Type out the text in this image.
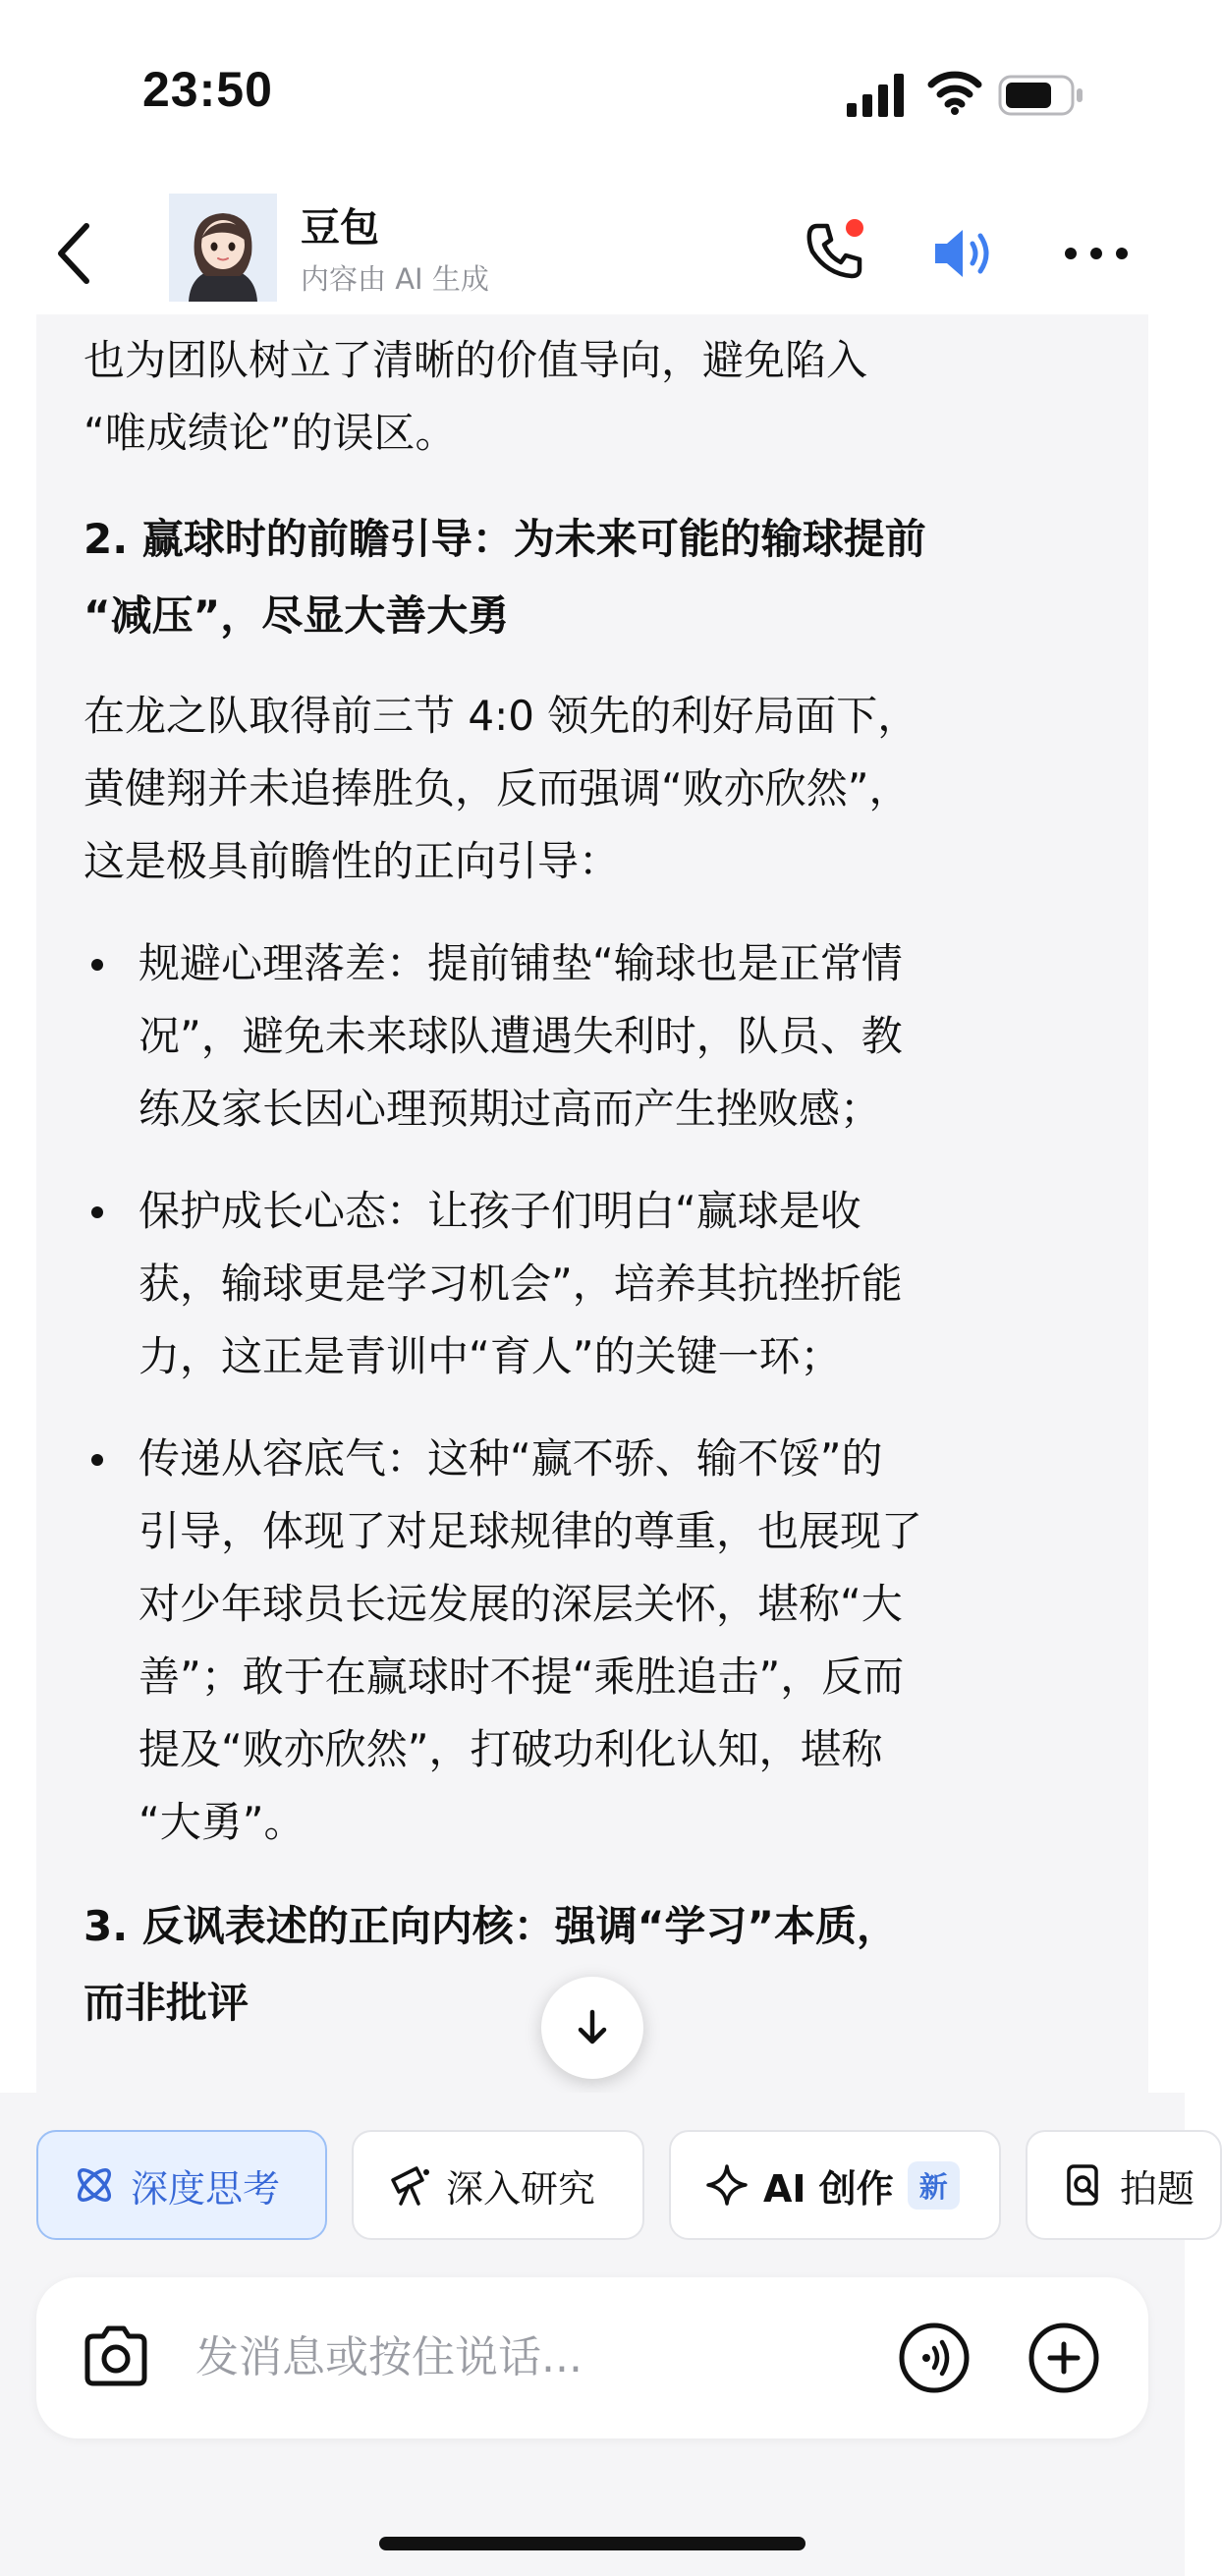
23:50
豆包
内容由 AI 生成
也为团队树立了清晰的价值导向，避免陷入
“唯成绩论”的误区。
2. 赢球时的前瞻引导：为未来可能的输球提前
“减压”，尽显大善大勇
在龙之队取得前三节 4:0 领先的利好局面下，
黄健翔并未追捧胜负，反而强调“败亦欣然”，
这是极具前瞻性的正向引导：
规避心理落差：提前铺垫“输球也是正常情
况”，避免未来球队遭遇失利时，队员、教
练及家长因心理预期过高而产生挫败感；
保护成长心态：让孩子们明白“赢球是收
获，输球更是学习机会”，培养其抗挫折能
力，这正是青训中“育人”的关键一环；
传递从容底气：这种“赢不骄、输不馁”的
引导，体现了对足球规律的尊重，也展现了
对少年球员长远发展的深层关怀，堪称“大
善”；敢于在赢球时不提“乘胜追击”，反而
提及“败亦欣然”，打破功利化认知，堪称
“大勇”。
3. 反讽表述的正向内核：强调“学习”本质，
而非批评
深度思考	深入研究	AI 创作 新	拍题
发消息或按住说话...
